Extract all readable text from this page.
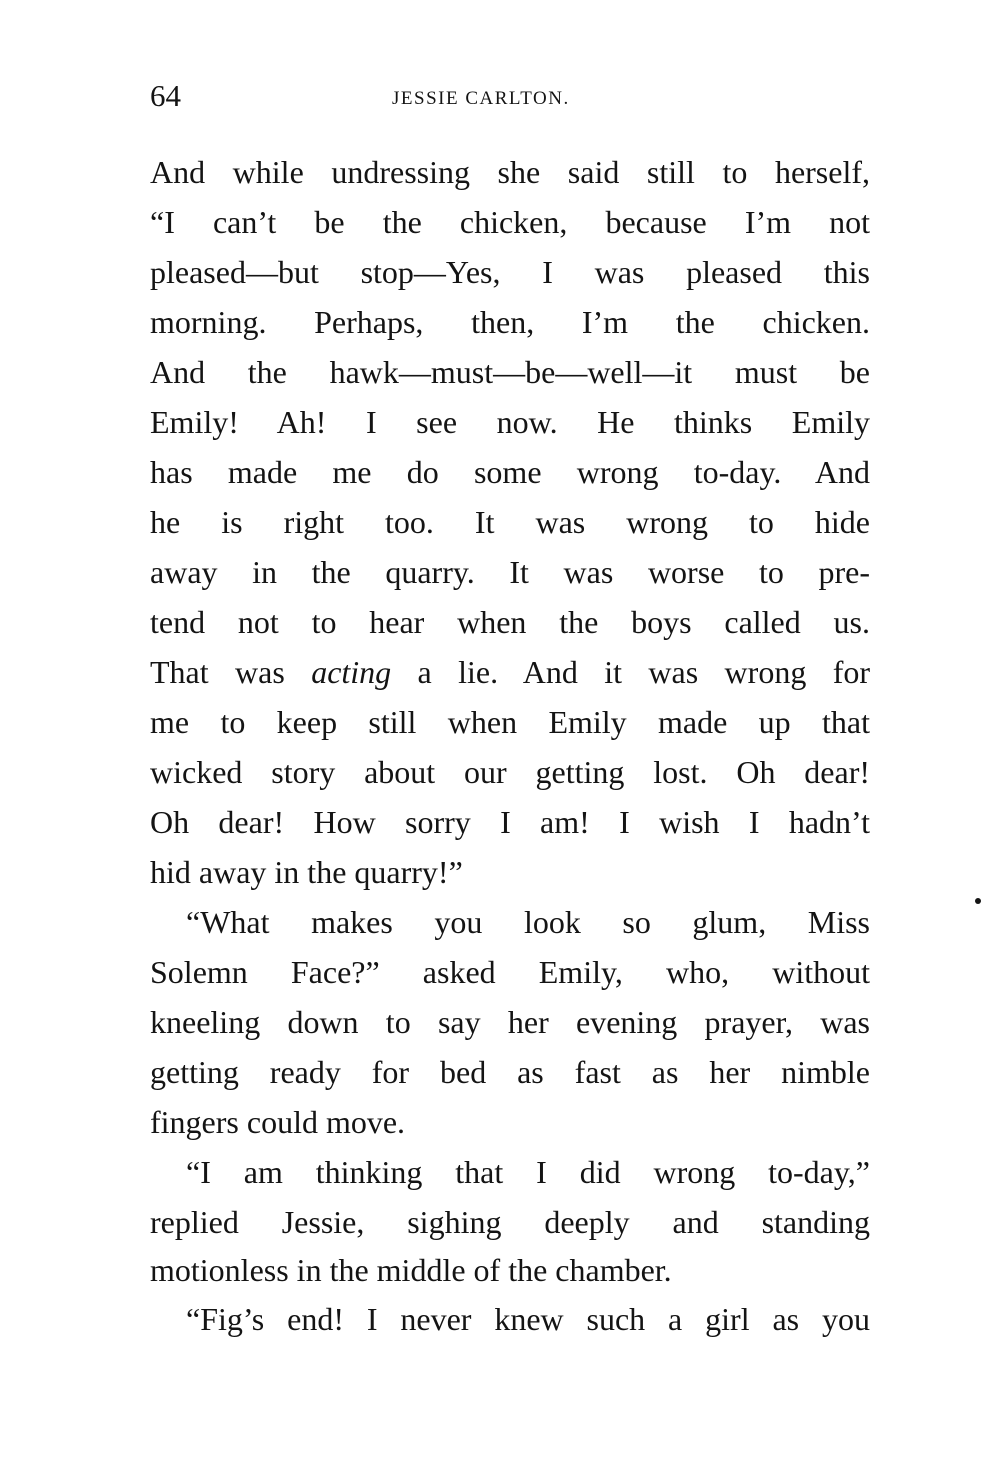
64	JESSIE CARLTON.
And while undressing she said still to herself,
“I can’t be the chicken, because I’m not
pleased—but stop—Yes, I was pleased this
morning. Perhaps, then, I’m the chicken.
And the hawk—must—be—well—it must be
Emily! Ah! I see now. He thinks Emily
has made me do some wrong to-day. And
he is right too. It was wrong to hide
away in the quarry. It was worse to pre-
tend not to hear when the boys called us.
That was acting a lie. And it was wrong for
me to keep still when Emily made up that
wicked story about our getting lost. Oh dear!
Oh dear! How sorry I am! I wish I hadn’t
hid away in the quarry!”
“What makes you look so glum, Miss
Solemn Face?” asked Emily, who, without
kneeling down to say her evening prayer, was
getting ready for bed as fast as her nimble
fingers could move.
“I am thinking that I did wrong to-day,”
replied Jessie, sighing deeply and standing
motionless in the middle of the chamber.
“Fig’s end! I never knew such a girl as you
